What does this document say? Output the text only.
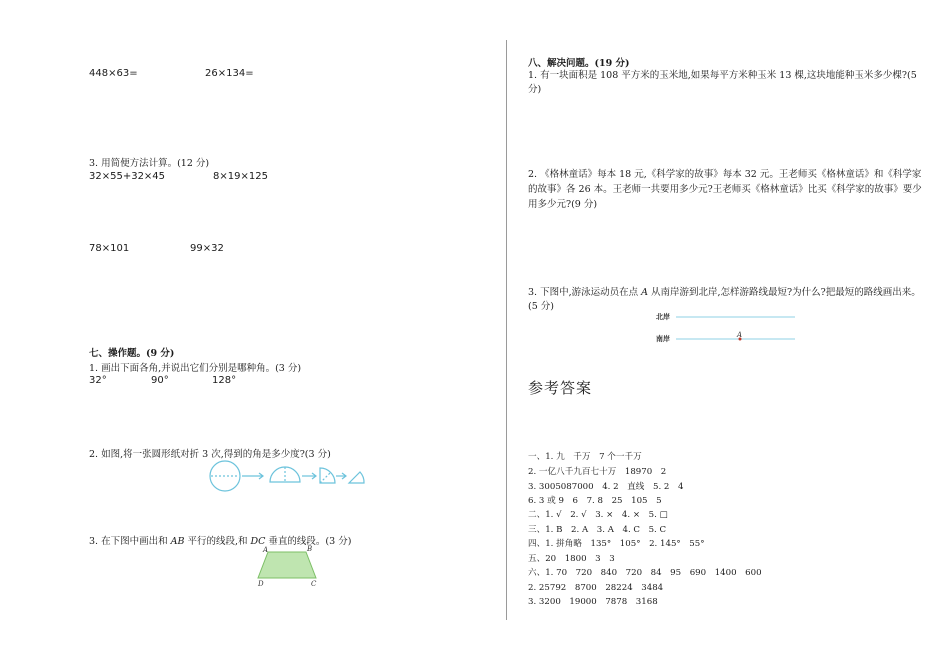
448×63=	26×134=
3. 用简便方法计算。(12 分)
32×55+32×45	8×19×125
78×101	99×32
七、操作题。(9 分)
1. 画出下面各角,并说出它们分别是哪种角。(3 分)
32°	90°	128°
2. 如图,将一张圆形纸对折 3 次,得到的角是多少度?(3 分)
3. 在下图中画出和 AB 平行的线段,和 DC 垂直的线段。(3 分)
A	B
D	C
八、解决问题。(19 分)
1. 有一块面积是 108 平方米的玉米地,如果每平方米种玉米 13 棵,这块地能种玉米多少棵?(5 分)
2. 《格林童话》每本 18 元,《科学家的故事》每本 32 元。王老师买《格林童话》和《科学家的故事》各 26 本。王老师一共要用多少元?王老师买《格林童话》比买《科学家的故事》要少用多少元?(9 分)
3. 下图中,游泳运动员在点 A 从南岸游到北岸,怎样游路线最短?为什么?把最短的路线画出来。(5 分)
北岸
南岸	A
参考答案
一、1. 九　千万　7 个一千万
2. 一亿八千九百七十万　18970　2
3. 3005087000　4. 2　直线　5. 2　4
6. 3 或 9　6　7. 8　25　105　5
二、1. √　2. √　3. ×　4. ×　5. □
三、1. B　2. A　3. A　4. C　5. C
四、1. 拼角略　135°　105°　2. 145°　55°
五、20　1800　3　3
六、1. 70　720　840　720　84　95　690　1400　600
2. 25792　8700　28224　3484
3. 3200　19000　7878　3168
